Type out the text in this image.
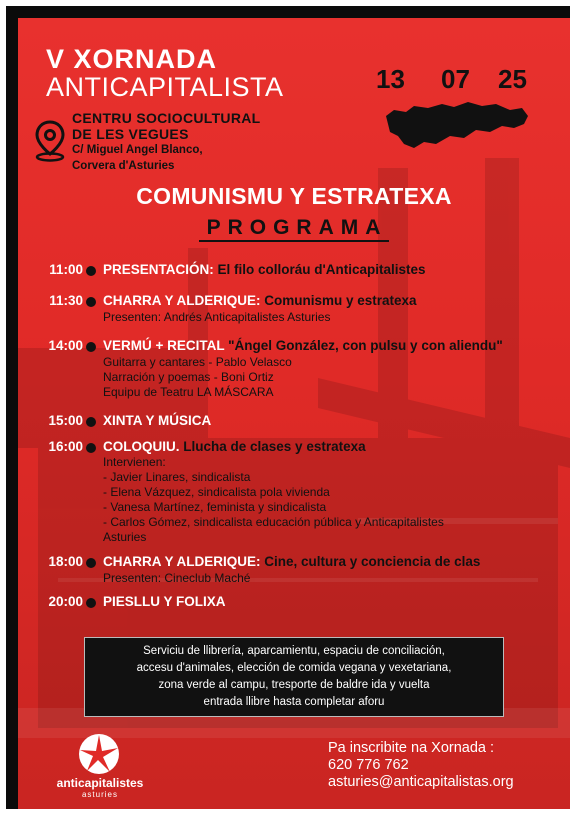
V XORNADA
ANTICAPITALISTA	13 07 25
CENTRU SOCIOCULTURAL
DE LES VEGUES
C/ Miguel Angel Blanco,
Corvera d'Asturies
COMUNISMU Y ESTRATEXA
PROGRAMA
11:00 PRESENTACIÓN: El filo colloráu d'Anticapitalistes
11:30 CHARRA Y ALDERIQUE: Comunismu y estratexa
Presenten: Andrés Anticapitalistes Asturies
14:00 VERMÚ + RECITAL "Ángel González, con pulsu y con aliendu"
Guitarra y cantares - Pablo Velasco
Narración y poemas - Boni Ortiz
Equipu de Teatru LA MÁSCARA
15:00 XINTA Y MÚSICA
16:00 COLOQUIU. Llucha de clases y estratexa
Intervienen:
- Javier Linares, sindicalista
- Elena Vázquez, sindicalista pola vivienda
- Vanesa Martínez, feminista y sindicalista
- Carlos Gómez, sindicalista educación pública y Anticapitalistes
Asturies
18:00 CHARRA Y ALDERIQUE: Cine, cultura y conciencia de clas
Presenten: Cineclub Maché
20:00 PIESLLU Y FOLIXA
Serviciu de llibrería, aparcamientu, espaciu de conciliación,
accesu d'animales, elección de comida vegana y vexetariana,
zona verde al campu, tresporte de baldre ida y vuelta
entrada llibre hasta completar aforu
anticapitalistes
asturies
Pa inscribite na Xornada :
620 776 762
asturies@anticapitalistas.org
